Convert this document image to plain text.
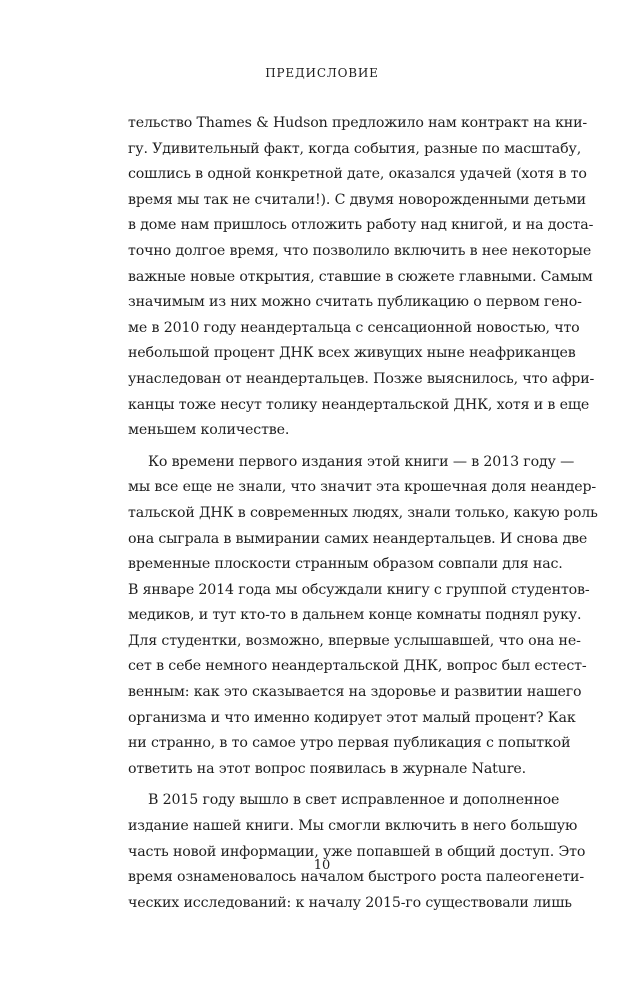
ПРЕДИСЛОВИЕ
тельство Thames & Hudson предложило нам контракт на кни-
гу. Удивительный факт, когда события, разные по масштабу,
сошлись в одной конкретной дате, оказался удачей (хотя в то
время мы так не считали!). С двумя новорожденными детьми
в доме нам пришлось отложить работу над книгой, и на доста-
точно долгое время, что позволило включить в нее некоторые
важные новые открытия, ставшие в сюжете главными. Самым
значимым из них можно считать публикацию о первом гено-
ме в 2010 году неандертальца с сенсационной новостью, что
небольшой процент ДНК всех живущих ныне неафриканцев
унаследован от неандертальцев. Позже выяснилось, что афри-
канцы тоже несут толику неандертальской ДНК, хотя и в еще
меньшем количестве.
Ко времени первого издания этой книги — в 2013 году —
мы все еще не знали, что значит эта крошечная доля неандер-
тальской ДНК в современных людях, знали только, какую роль
она сыграла в вымирании самих неандертальцев. И снова две
временные плоскости странным образом совпали для нас.
В январе 2014 года мы обсуждали книгу с группой студентов-
медиков, и тут кто-то в дальнем конце комнаты поднял руку.
Для студентки, возможно, впервые услышавшей, что она не-
сет в себе немного неандертальской ДНК, вопрос был естест-
венным: как это сказывается на здоровье и развитии нашего
организма и что именно кодирует этот малый процент? Как
ни странно, в то самое утро первая публикация с попыткой
ответить на этот вопрос появилась в журнале Nature.
В 2015 году вышло в свет исправленное и дополненное
издание нашей книги. Мы смогли включить в него большую
часть новой информации, уже попавшей в общий доступ. Это
время ознаменовалось началом быстрого роста палеогенети-
ческих исследований: к началу 2015-го существовали лишь
10
